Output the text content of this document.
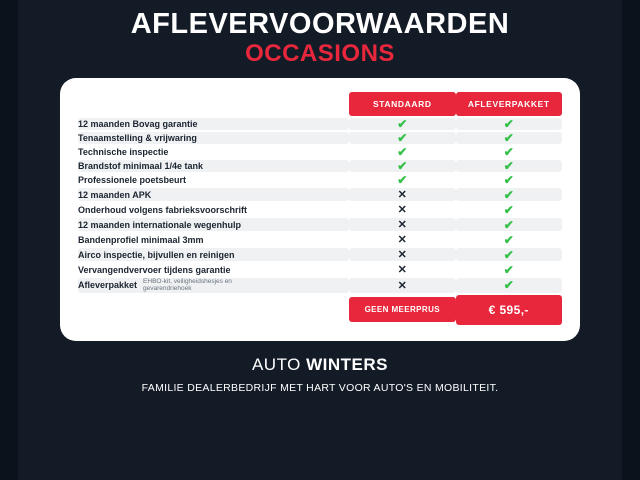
AFLEVERVOORWAARDEN
OCCASIONS

	STANDAARD	AFLEVERPAKKET

12 maanden Bovag garantie	✔	✔
Tenaamstelling & vrijwaring	✔	✔
Technische inspectie	✔	✔
Brandstof minimaal 1/4e tank	✔	✔
Professionele poetsbeurt	✔	✔
12 maanden APK	✕	✔
Onderhoud volgens fabrieksvoorschrift	✕	✔
12 maanden internationale wegenhulp	✕	✔
Bandenprofiel minimaal 3mm	✕	✔
Airco inspectie, bijvullen en reinigen	✕	✔
Vervangendvervoer tijdens garantie	✕	✔
Afleverpakket EHBO-kit, veiligheidshesjes en gevarendriehoek	✕	✔

	GEEN MEERPRUS	€ 595,-
AUTO WINTERS
FAMILIE DEALERBEDRIJF MET HART VOOR AUTO'S EN MOBILITEIT.
